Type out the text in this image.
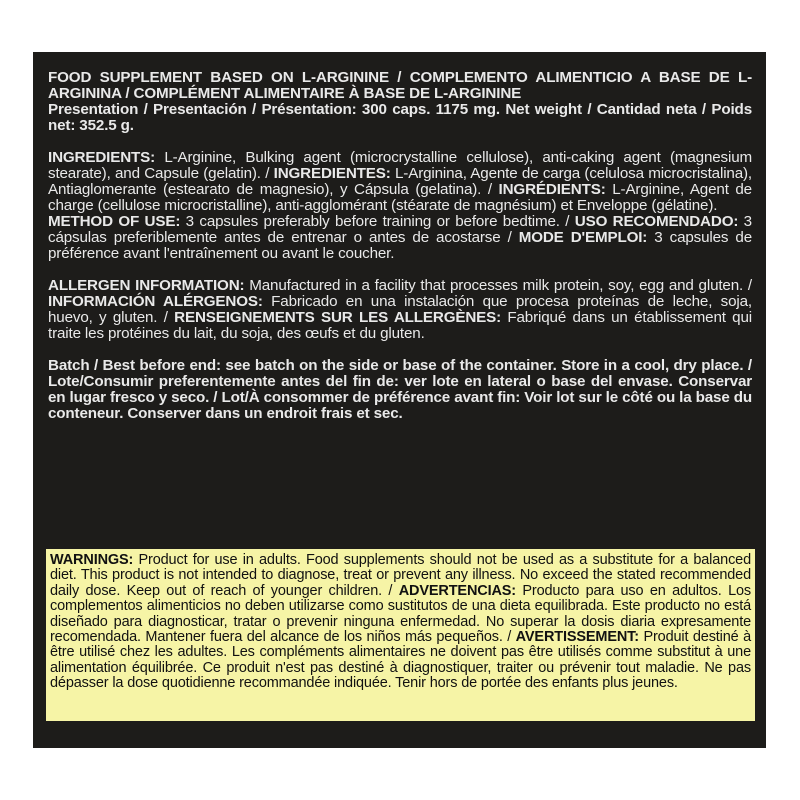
FOOD SUPPLEMENT BASED ON L-ARGININE / COMPLEMENTO ALIMENTICIO A BASE DE L-ARGININA / COMPLÉMENT ALIMENTAIRE À BASE DE L-ARGININE
Presentation / Presentación / Présentation: 300 caps. 1175 mg. Net weight / Cantidad neta / Poids net: 352.5 g.
INGREDIENTS: L-Arginine, Bulking agent (microcrystalline cellulose), anti-caking agent (magnesium stearate), and Capsule (gelatin). / INGREDIENTES: L-Arginina, Agente de carga (celulosa microcristalina), Antiaglomerante (estearato de magnesio), y Cápsula (gelatina). / INGRÉDIENTS: L-Arginine, Agent de charge (cellulose microcristalline), anti-agglomérant (stéarate de magnésium) et Enveloppe (gélatine).
METHOD OF USE: 3 capsules preferably before training or before bedtime. / USO RECOMENDADO: 3 cápsulas preferiblemente antes de entrenar o antes de acostarse / MODE D'EMPLOI: 3 capsules de préférence avant l'entraînement ou avant le coucher.
ALLERGEN INFORMATION: Manufactured in a facility that processes milk protein, soy, egg and gluten. / INFORMACIÓN ALÉRGENOS: Fabricado en una instalación que procesa proteínas de leche, soja, huevo, y gluten. / RENSEIGNEMENTS SUR LES ALLERGÈNES: Fabriqué dans un établissement qui traite les protéines du lait, du soja, des œufs et du gluten.
Batch / Best before end: see batch on the side or base of the container. Store in a cool, dry place. / Lote/Consumir preferentemente antes del fin de: ver lote en lateral o base del envase. Conservar en lugar fresco y seco. / Lot/À consommer de préférence avant fin: Voir lot sur le côté ou la base du conteneur. Conserver dans un endroit frais et sec.
WARNINGS: Product for use in adults. Food supplements should not be used as a substitute for a balanced diet. This product is not intended to diagnose, treat or prevent any illness. No exceed the stated recommended daily dose. Keep out of reach of younger children. / ADVERTENCIAS: Producto para uso en adultos. Los complementos alimenticios no deben utilizarse como sustitutos de una dieta equilibrada. Este producto no está diseñado para diagnosticar, tratar o prevenir ninguna enfermedad. No superar la dosis diaria expresamente recomendada. Mantener fuera del alcance de los niños más pequeños. / AVERTISSEMENT: Produit destiné à être utilisé chez les adultes. Les compléments alimentaires ne doivent pas être utilisés comme substitut à une alimentation équilibrée. Ce produit n'est pas destiné à diagnostiquer, traiter ou prévenir tout maladie. Ne pas dépasser la dose quotidienne recommandée indiquée. Tenir hors de portée des enfants plus jeunes.
